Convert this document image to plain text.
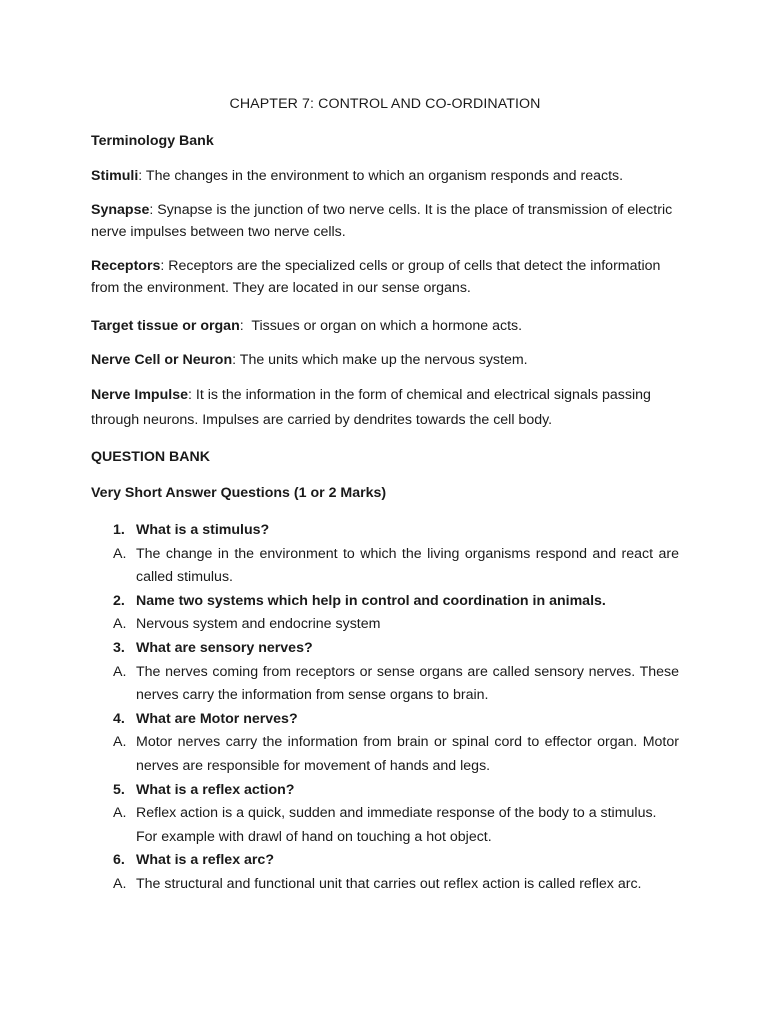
CHAPTER 7: CONTROL AND CO-ORDINATION
Terminology Bank
Stimuli: The changes in the environment to which an organism responds and reacts.
Synapse: Synapse is the junction of two nerve cells. It is the place of transmission of electric nerve impulses between two nerve cells.
Receptors: Receptors are the specialized cells or group of cells that detect the information from the environment. They are located in our sense organs.
Target tissue or organ:  Tissues or organ on which a hormone acts.
Nerve Cell or Neuron: The units which make up the nervous system.
Nerve Impulse: It is the information in the form of chemical and electrical signals passing through neurons. Impulses are carried by dendrites towards the cell body.
QUESTION BANK
Very Short Answer Questions (1 or 2 Marks)
1. What is a stimulus?
A. The change in the environment to which the living organisms respond and react are called stimulus.
2. Name two systems which help in control and coordination in animals.
A. Nervous system and endocrine system
3. What are sensory nerves?
A. The nerves coming from receptors or sense organs are called sensory nerves. These nerves carry the information from sense organs to brain.
4. What are Motor nerves?
A. Motor nerves carry the information from brain or spinal cord to effector organ. Motor nerves are responsible for movement of hands and legs.
5. What is a reflex action?
A. Reflex action is a quick, sudden and immediate response of the body to a stimulus.
For example with drawl of hand on touching a hot object.
6. What is a reflex arc?
A. The structural and functional unit that carries out reflex action is called reflex arc.
